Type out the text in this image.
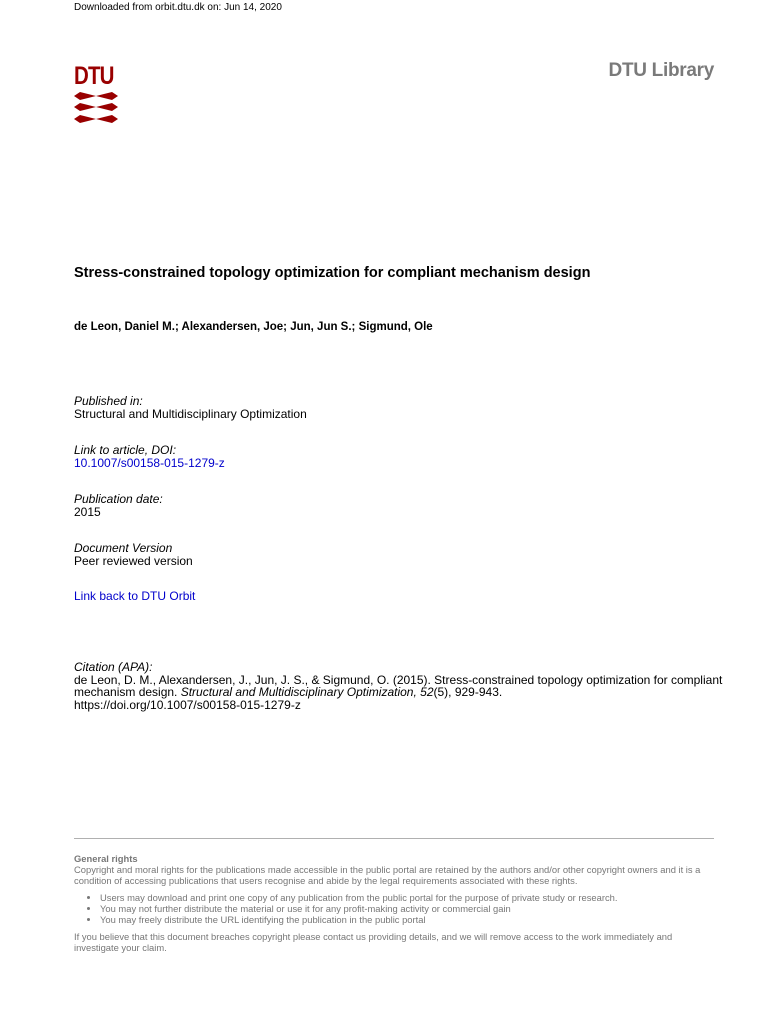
Downloaded from orbit.dtu.dk on: Jun 14, 2020
DTU	DTU Library
Stress-constrained topology optimization for compliant mechanism design
de Leon, Daniel M.; Alexandersen, Joe; Jun, Jun S.; Sigmund, Ole
Published in:
Structural and Multidisciplinary Optimization
Link to article, DOI:
10.1007/s00158-015-1279-z
Publication date:
2015
Document Version
Peer reviewed version
Link back to DTU Orbit
Citation (APA):
de Leon, D. M., Alexandersen, J., Jun, J. S., & Sigmund, O. (2015). Stress-constrained topology optimization for compliant mechanism design. Structural and Multidisciplinary Optimization, 52(5), 929-943.
https://doi.org/10.1007/s00158-015-1279-z
General rights
Copyright and moral rights for the publications made accessible in the public portal are retained by the authors and/or other copyright owners and it is a condition of accessing publications that users recognise and abide by the legal requirements associated with these rights.
• Users may download and print one copy of any publication from the public portal for the purpose of private study or research.
• You may not further distribute the material or use it for any profit-making activity or commercial gain
• You may freely distribute the URL identifying the publication in the public portal
If you believe that this document breaches copyright please contact us providing details, and we will remove access to the work immediately and investigate your claim.
